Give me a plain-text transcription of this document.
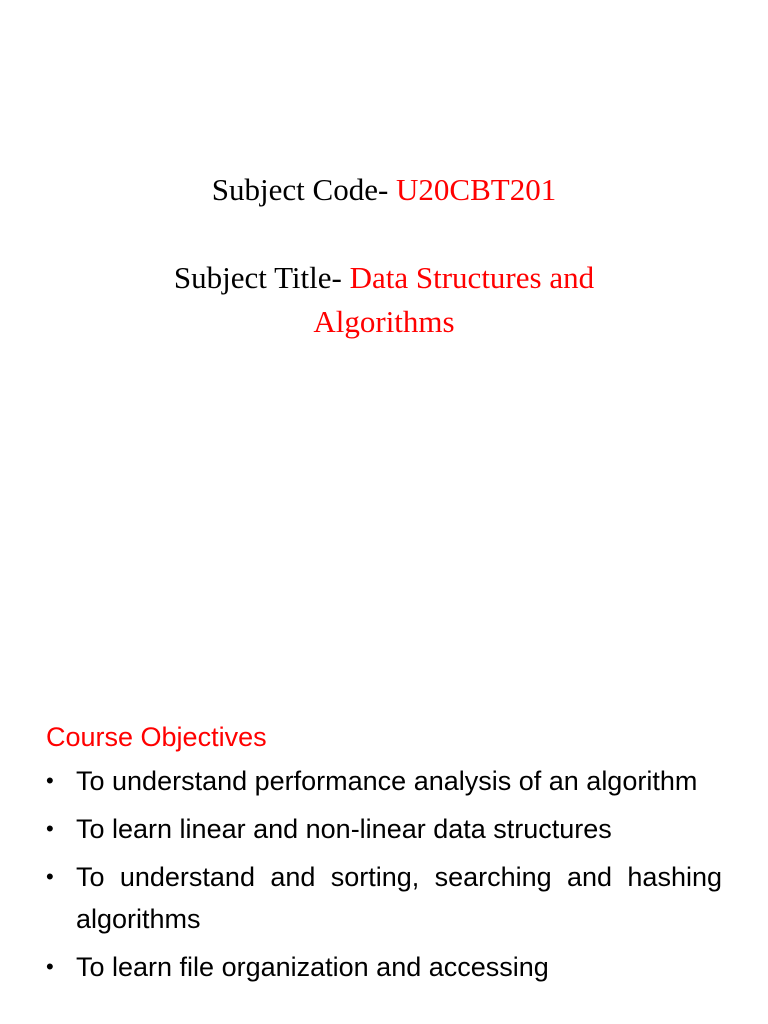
Subject Code- U20CBT201
Subject Title- Data Structures and Algorithms
Course Objectives
• To understand performance analysis of an algorithm
• To learn linear and non-linear data structures
• To understand and sorting, searching and hashing algorithms
• To learn file organization and accessing
